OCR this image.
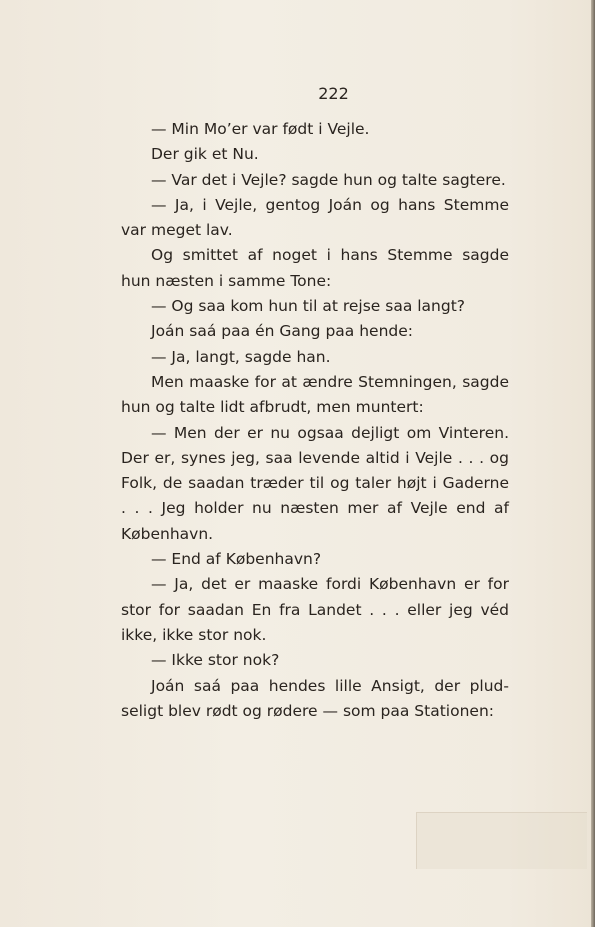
222

— Min Mo’er var født i Vejle.

Der gik et Nu.

— Var det i Vejle? sagde hun og talte sagtere.

— Ja, i Vejle, gentog Joán og hans Stemme var meget lav.

Og smittet af noget i hans Stemme sagde hun næsten i samme Tone:

— Og saa kom hun til at rejse saa langt?

Joán saá paa én Gang paa hende:

— Ja, langt, sagde han.

Men maaske for at ændre Stemningen, sagde hun og talte lidt afbrudt, men muntert:

— Men der er nu ogsaa dejligt om Vinteren. Der er, synes jeg, saa levende altid i Vejle . . . og Folk, de saadan træder til og taler højt i Gaderne . . . Jeg holder nu næsten mer af Vejle end af København.

— End af København?

— Ja, det er maaske fordi København er for stor for saadan En fra Landet . . . eller jeg véd ikke, ikke stor nok.

— Ikke stor nok?

Joán saá paa hendes lille Ansigt, der pludseligt blev rødt og rødere — som paa Stationen:
